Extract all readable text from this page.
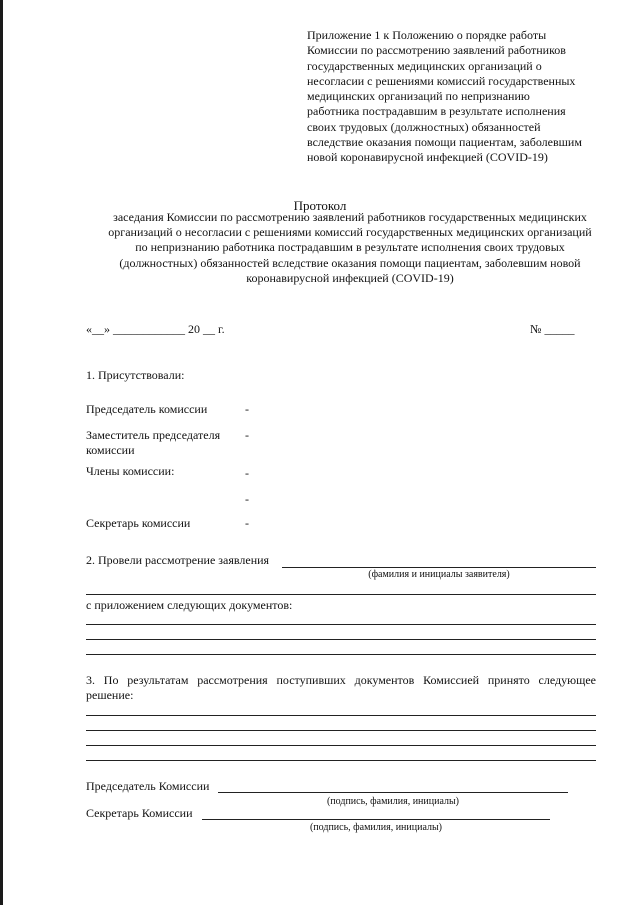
Приложение 1 к Положению о порядке работы
Комиссии по рассмотрению заявлений работников
государственных медицинских организаций о
несогласии с решениями комиссий государственных
медицинских организаций по непризнанию
работника пострадавшим в результате исполнения
своих трудовых (должностных) обязанностей
вследствие оказания помощи пациентам, заболевшим
новой коронавирусной инфекцией (COVID-19)
Протокол
заседания Комиссии по рассмотрению заявлений работников государственных медицинских
организаций о несогласии с решениями комиссий государственных медицинских организаций
по непризнанию работника пострадавшим в результате исполнения своих трудовых
(должностных) обязанностей вследствие оказания помощи пациентам, заболевшим новой
коронавирусной инфекцией (COVID-19)
«__» ____________ 20 __ г.	№ _____
1. Присутствовали:
Председатель комиссии	-
Заместитель председателя
комиссии
-
Члены комиссии:	-
-
Секретарь комиссии	-
2. Провели рассмотрение заявления
(фамилия и инициалы заявителя)
с приложением следующих документов:
3. По результатам рассмотрения поступивших документов Комиссией принято следующее
решение:
Председатель Комиссии
(подпись, фамилия, инициалы)
Секретарь Комиссии
(подпись, фамилия, инициалы)
